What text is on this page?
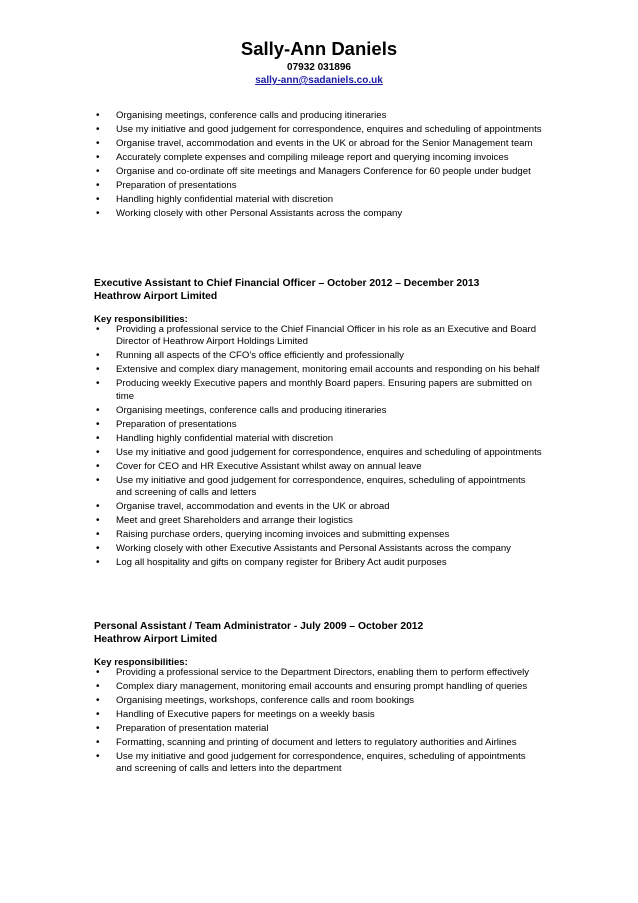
Sally-Ann Daniels
07932 031896
sally-ann@sadaniels.co.uk
• Organising meetings, conference calls and producing itineraries
• Use my initiative and good judgement for correspondence, enquires and scheduling of appointments
• Organise travel, accommodation and events in the UK or abroad for the Senior Management team
• Accurately complete expenses and compiling mileage report and querying incoming invoices
• Organise and co-ordinate off site meetings and Managers Conference for 60 people under budget
• Preparation of presentations
• Handling highly confidential material with discretion
• Working closely with other Personal Assistants across the company
Executive Assistant to Chief Financial Officer – October 2012 – December 2013
Heathrow Airport Limited
Key responsibilities:
• Providing a professional service to the Chief Financial Officer in his role as an Executive and Board Director of Heathrow Airport Holdings Limited
• Running all aspects of the CFO’s office efficiently and professionally
• Extensive and complex diary management, monitoring email accounts and responding on his behalf
• Producing weekly Executive papers and monthly Board papers. Ensuring papers are submitted on time
• Organising meetings, conference calls and producing itineraries
• Preparation of presentations
• Handling highly confidential material with discretion
• Use my initiative and good judgement for correspondence, enquires and scheduling of appointments
• Cover for CEO and HR Executive Assistant whilst away on annual leave
• Use my initiative and good judgement for correspondence, enquires, scheduling of appointments and screening of calls and letters
• Organise travel, accommodation and events in the UK or abroad
• Meet and greet Shareholders and arrange their logistics
• Raising purchase orders, querying incoming invoices and submitting expenses
• Working closely with other Executive Assistants and Personal Assistants across the company
• Log all hospitality and gifts on company register for Bribery Act audit purposes
Personal Assistant / Team Administrator - July 2009 – October 2012
Heathrow Airport Limited
Key responsibilities:
• Providing a professional service to the Department Directors, enabling them to perform effectively
• Complex diary management, monitoring email accounts and ensuring prompt handling of queries
• Organising meetings, workshops, conference calls and room bookings
• Handling of Executive papers for meetings on a weekly basis
• Preparation of presentation material
• Formatting, scanning and printing of document and letters to regulatory authorities and Airlines
• Use my initiative and good judgement for correspondence, enquires, scheduling of appointments and screening of calls and letters into the department
